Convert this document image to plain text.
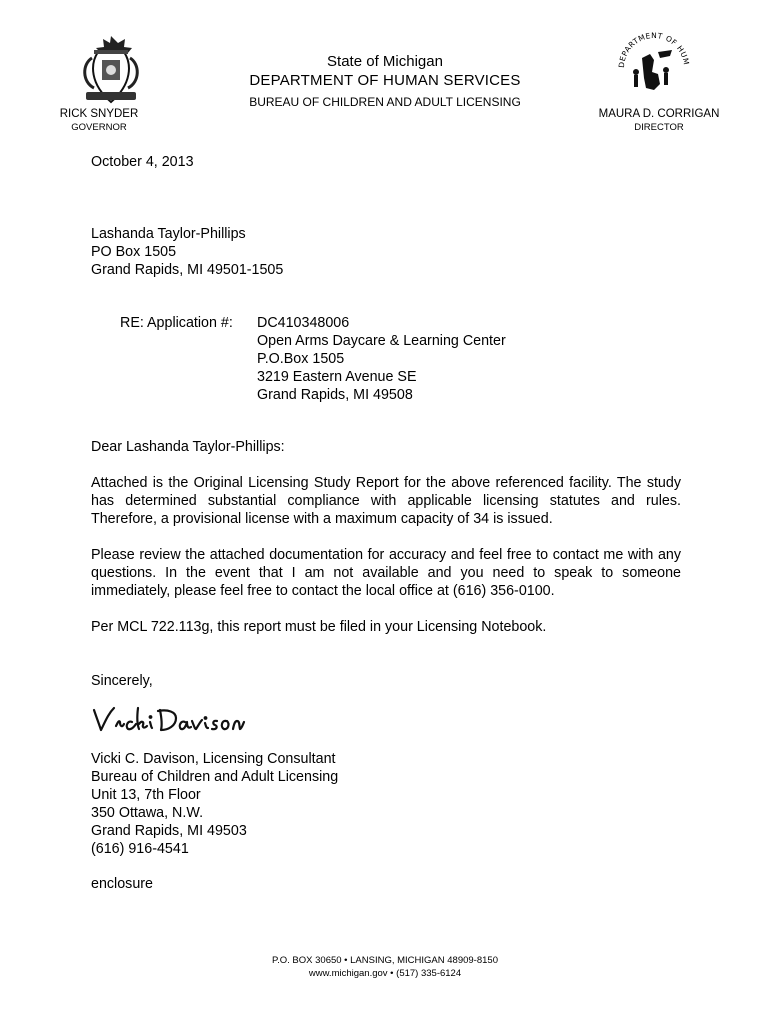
DEPARTMENT OF HUM
State of Michigan
DEPARTMENT OF HUMAN SERVICES
BUREAU OF CHILDREN AND ADULT LICENSING
RICK SNYDER
GOVERNOR
MAURA D. CORRIGAN
DIRECTOR
October 4, 2013
Lashanda Taylor-Phillips
PO Box 1505
Grand Rapids, MI 49501-1505
RE: Application #: DC410348006
Open Arms Daycare & Learning Center
P.O.Box 1505
3219 Eastern Avenue SE
Grand Rapids, MI 49508
Dear Lashanda Taylor-Phillips:
Attached is the Original Licensing Study Report for the above referenced facility. The study has determined substantial compliance with applicable licensing statutes and rules. Therefore, a provisional license with a maximum capacity of 34 is issued.
Please review the attached documentation for accuracy and feel free to contact me with any questions. In the event that I am not available and you need to speak to someone immediately, please feel free to contact the local office at (616) 356-0100.
Per MCL 722.113g, this report must be filed in your Licensing Notebook.
Sincerely,
Vicki C. Davison, Licensing Consultant
Bureau of Children and Adult Licensing
Unit 13, 7th Floor
350 Ottawa, N.W.
Grand Rapids, MI 49503
(616) 916-4541
enclosure
P.O. BOX 30650 • LANSING, MICHIGAN 48909-8150
www.michigan.gov • (517) 335-6124
